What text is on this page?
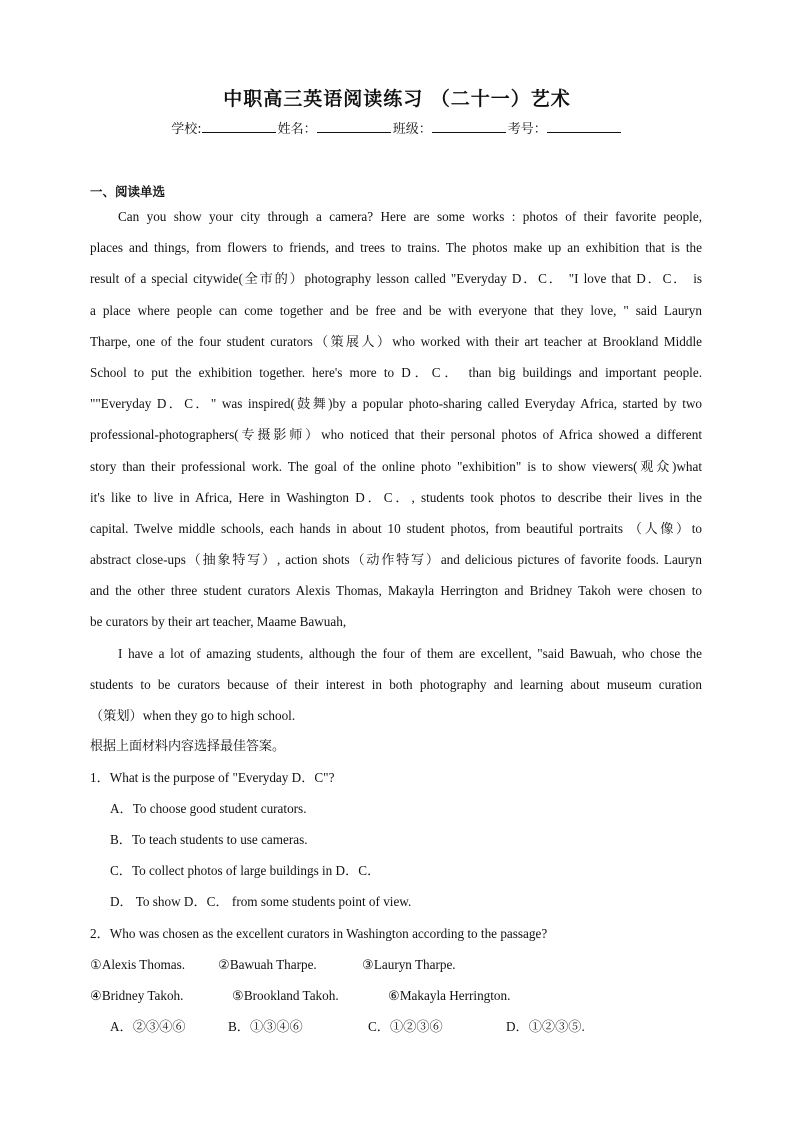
中职高三英语阅读练习 （二十一）艺术
学校:	姓名：	班级：	考号：
一、阅读单选
Can you show your city through a camera? Here are some works : photos of their favorite people,
places and things, from flowers to friends, and trees to trains. The photos make up an exhibition that is the
result of a special citywide(全市的）photography lesson called "Everyday D．C． "I love that D．C． is
a place where people can come together and be free and be with everyone that they love, " said Lauryn
Tharpe, one of the four student curators（策展人）who worked with their art teacher at Brookland Middle
School to put the exhibition together. here's more to D．C． than big buildings and important people.
""Everyday D．C．" was inspired(鼓舞)by a popular photo-sharing called Everyday Africa, started by two
professional-photographers(专摄影师）who noticed that their personal photos of Africa showed a different
story than their professional work. The goal of the online photo "exhibition" is to show viewers(观众)what
it's like to live in Africa, Here in Washington D．C．, students took photos to describe their lives in the
capital. Twelve middle schools, each hands in about 10 student photos, from beautiful portraits （人像）to
abstract close-ups（抽象特写）, action shots（动作特写）and delicious pictures of favorite foods. Lauryn
and the other three student curators Alexis Thomas, Makayla Herrington and Bridney Takoh were chosen to
be curators by their art teacher, Maame Bawuah,
I have a lot of amazing students, although the four of them are excellent, "said Bawuah, who chose the
students to be curators because of their interest in both photography and learning about museum curation
（策划）when they go to high school.
根据上面材料内容选择最佳答案。
1．What is the purpose of "Everyday D．C"?
A．To choose good student curators.
B．To teach students to use cameras.
C．To collect photos of large buildings in D．C．
D． To show D．C． from some students point of view.
2．Who was chosen as the excellent curators in Washington according to the passage?
①Alexis Thomas. ②Bawuah Tharpe.	③Lauryn Tharpe.
④Bridney Takoh.	⑤Brookland Takoh.	⑥Makayla Herrington.
A．②③④⑥	B．①③④⑥	C．①②③⑥	D．①②③⑤.
